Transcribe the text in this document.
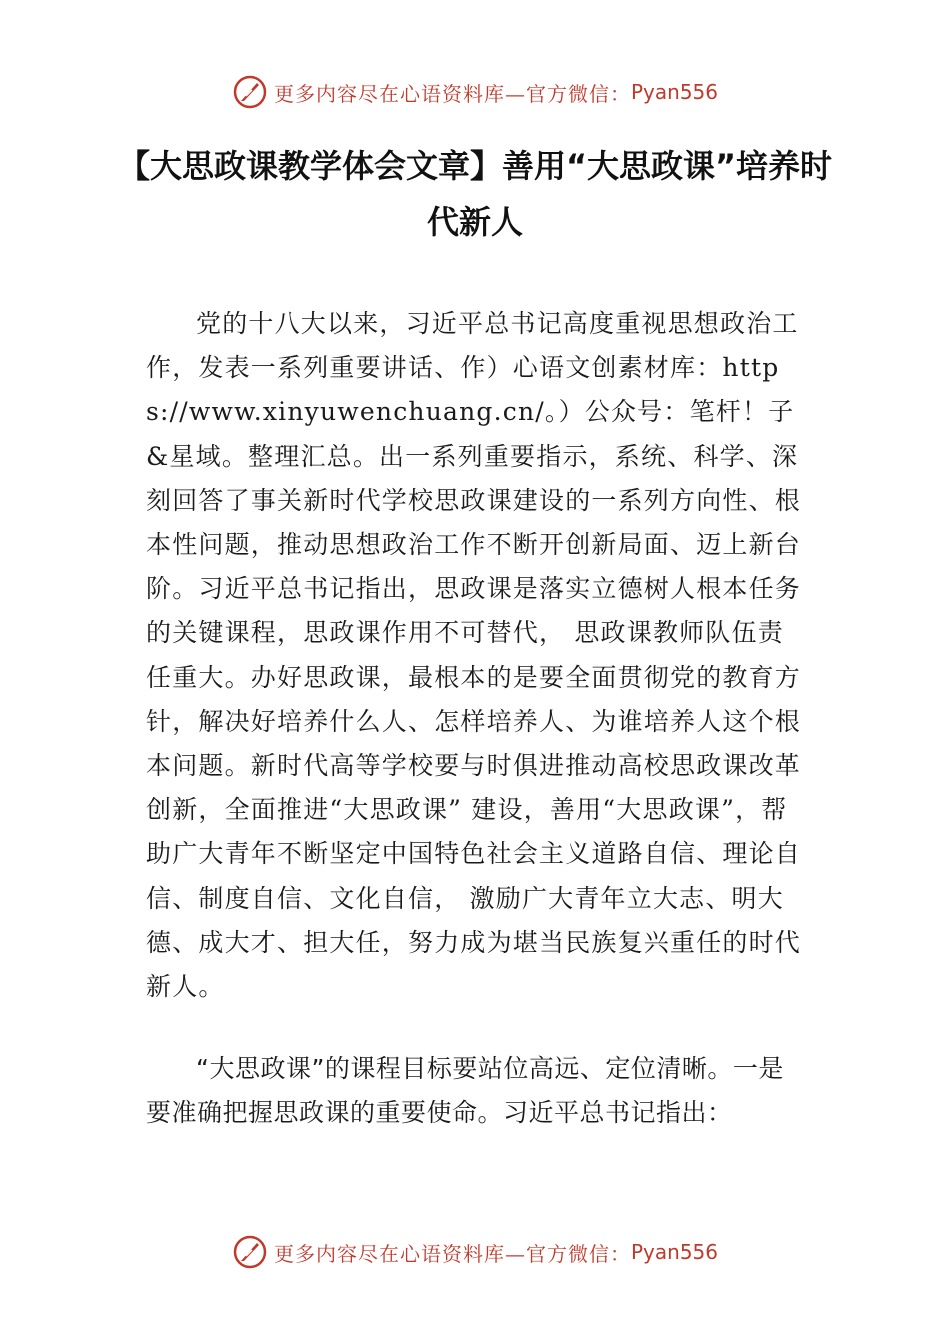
更多内容尽在心语资料库—官方微信： Pyan556
【大思政课教学体会文章】善用“大思政课”培养时代新人

党的十八大以来，习近平总书记高度重视思想政治工作，发表一系列重要讲话、作）心语文创素材库：https://www.xinyuwenchuang.cn/。）公众号：笔杆！子&星域。整理汇总。出一系列重要指示，系统、科学、深刻回答了事关新时代学校思政课建设的一系列方向性、根本性问题，推动思想政治工作不断开创新局面、迈上新台阶。习近平总书记指出，思政课是落实立德树人根本任务的关键课程，思政课作用不可替代， 思政课教师队伍责任重大。办好思政课，最根本的是要全面贯彻党的教育方针，解决好培养什么人、怎样培养人、为谁培养人这个根本问题。新时代高等学校要与时俱进推动高校思政课改革创新，全面推进“大思政课” 建设，善用“大思政课”，帮助广大青年不断坚定中国特色社会主义道路自信、理论自信、制度自信、文化自信， 激励广大青年立大志、明大德、成大才、担大任，努力成为堪当民族复兴重任的时代新人。

“大思政课”的课程目标要站位高远、定位清晰。一是要准确把握思政课的重要使命。习近平总书记指出：

更多内容尽在心语资料库—官方微信： Pyan556
